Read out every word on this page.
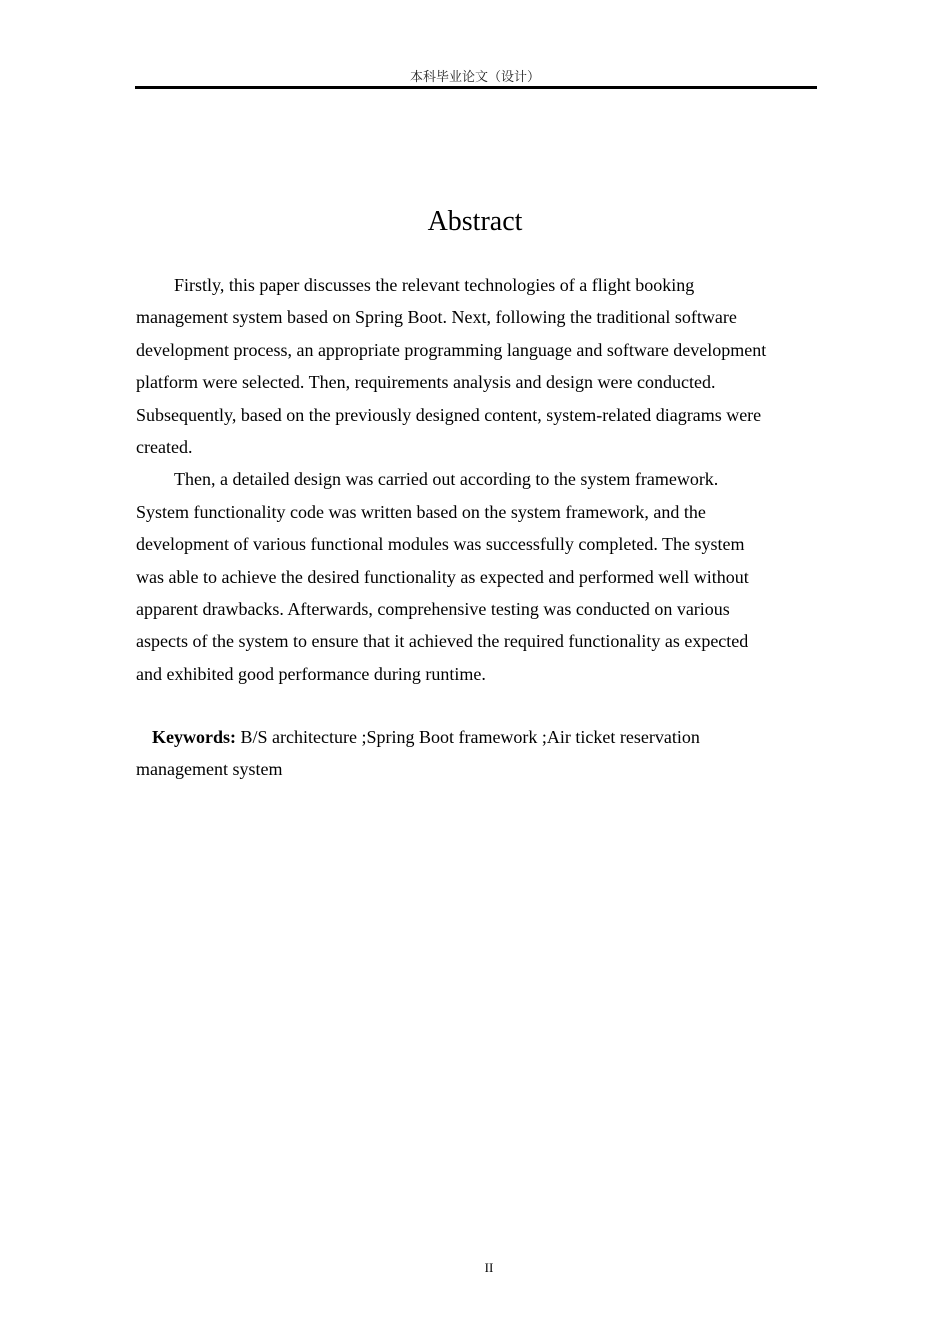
本科毕业论文（设计）
Abstract
Firstly, this paper discusses the relevant technologies of a flight booking
management system based on Spring Boot. Next, following the traditional software
development process, an appropriate programming language and software development
platform were selected. Then, requirements analysis and design were conducted.
Subsequently, based on the previously designed content, system-related diagrams were
created.
Then, a detailed design was carried out according to the system framework.
System functionality code was written based on the system framework, and the
development of various functional modules was successfully completed. The system
was able to achieve the desired functionality as expected and performed well without
apparent drawbacks. Afterwards, comprehensive testing was conducted on various
aspects of the system to ensure that it achieved the required functionality as expected
and exhibited good performance during runtime.
Keywords: B/S architecture ;Spring Boot framework ;Air ticket reservation
management system
II
